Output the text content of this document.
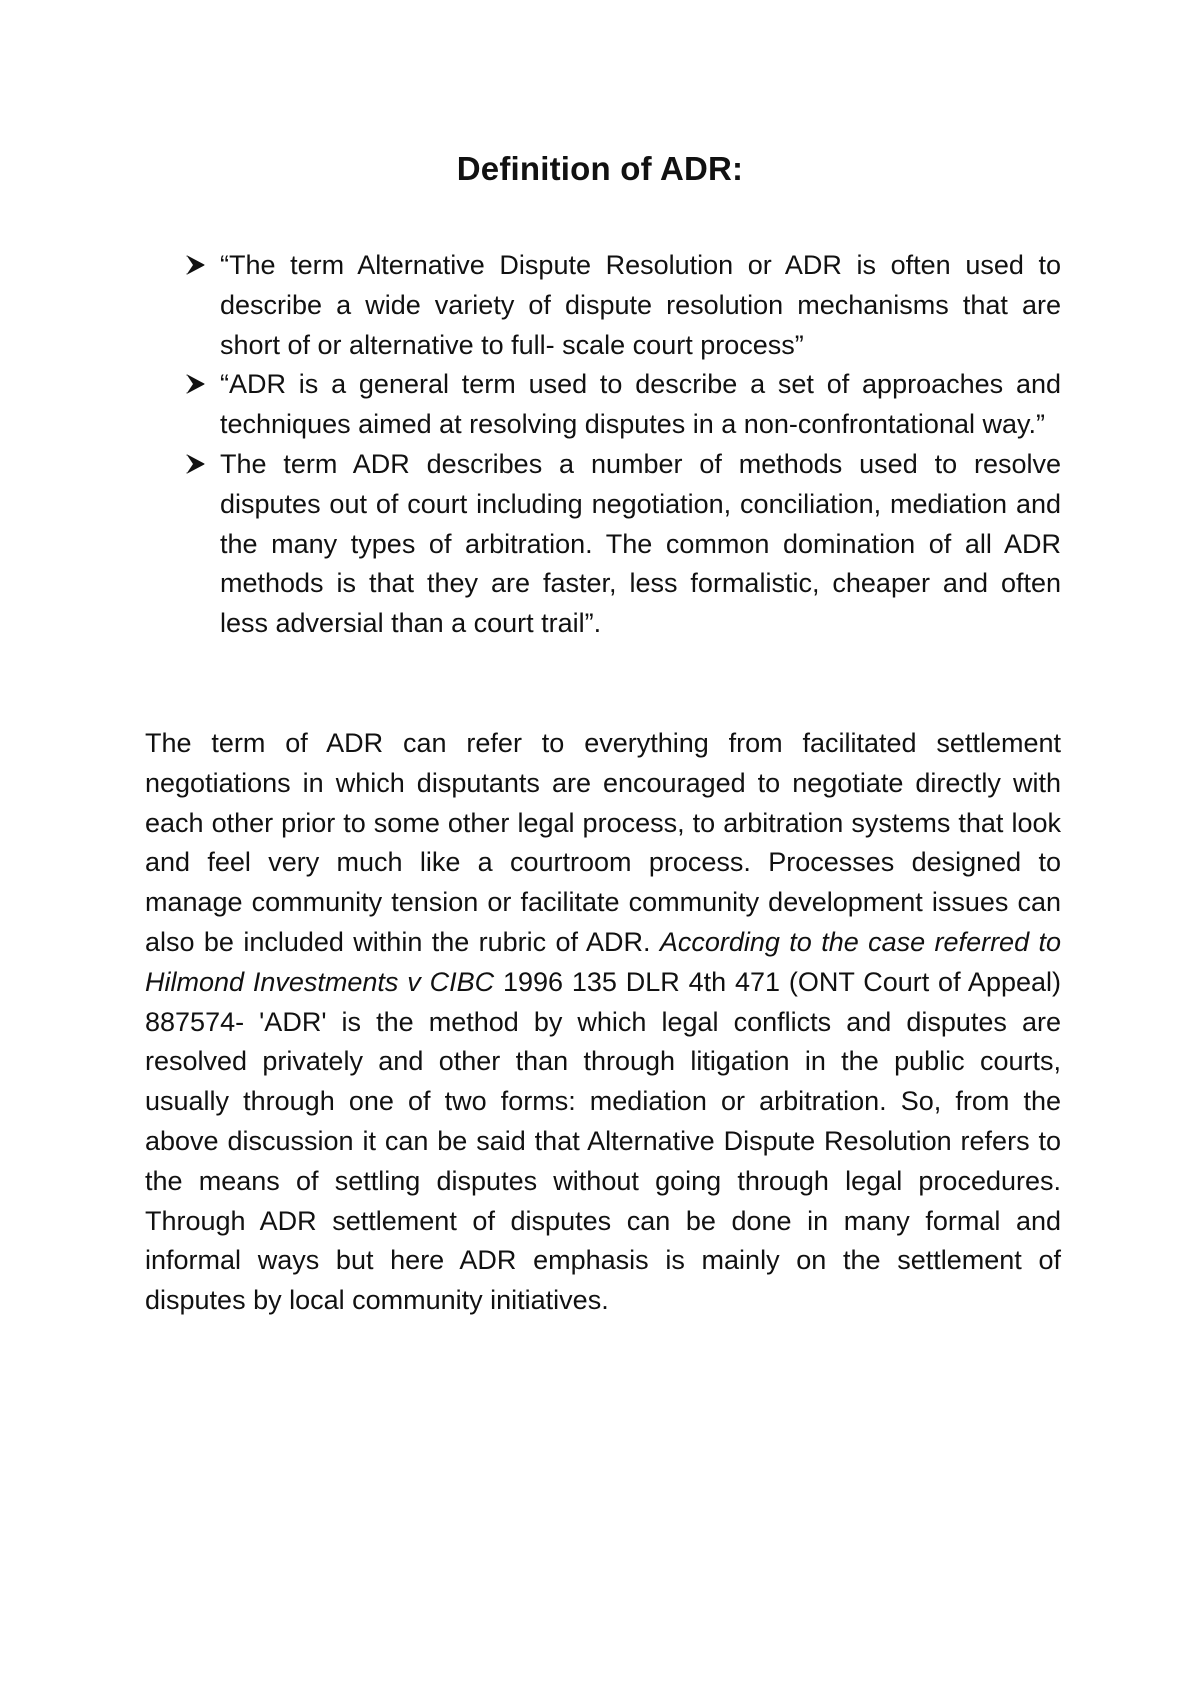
Definition of ADR:
“The term Alternative Dispute Resolution or ADR is often used to describe a wide variety of dispute resolution mechanisms that are short of or alternative to full- scale court process”
“ADR is a general term used to describe a set of approaches and techniques aimed at resolving disputes in a non-confrontational way.”
The term ADR describes a number of methods used to resolve disputes out of court including negotiation, conciliation, mediation and the many types of arbitration. The common domination of all ADR methods is that they are faster, less formalistic, cheaper and often less adversial than a court trail”.

The term of ADR can refer to everything from facilitated settlement negotiations in which disputants are encouraged to negotiate directly with each other prior to some other legal process, to arbitration systems that look and feel very much like a courtroom process. Processes designed to manage community tension or facilitate community development issues can also be included within the rubric of ADR. According to the case referred to Hilmond Investments v CIBC 1996 135 DLR 4th 471 (ONT Court of Appeal) 887574- 'ADR' is the method by which legal conflicts and disputes are resolved privately and other than through litigation in the public courts, usually through one of two forms: mediation or arbitration. So, from the above discussion it can be said that Alternative Dispute Resolution refers to the means of settling disputes without going through legal procedures. Through ADR settlement of disputes can be done in many formal and informal ways but here ADR emphasis is mainly on the settlement of disputes by local community initiatives.
